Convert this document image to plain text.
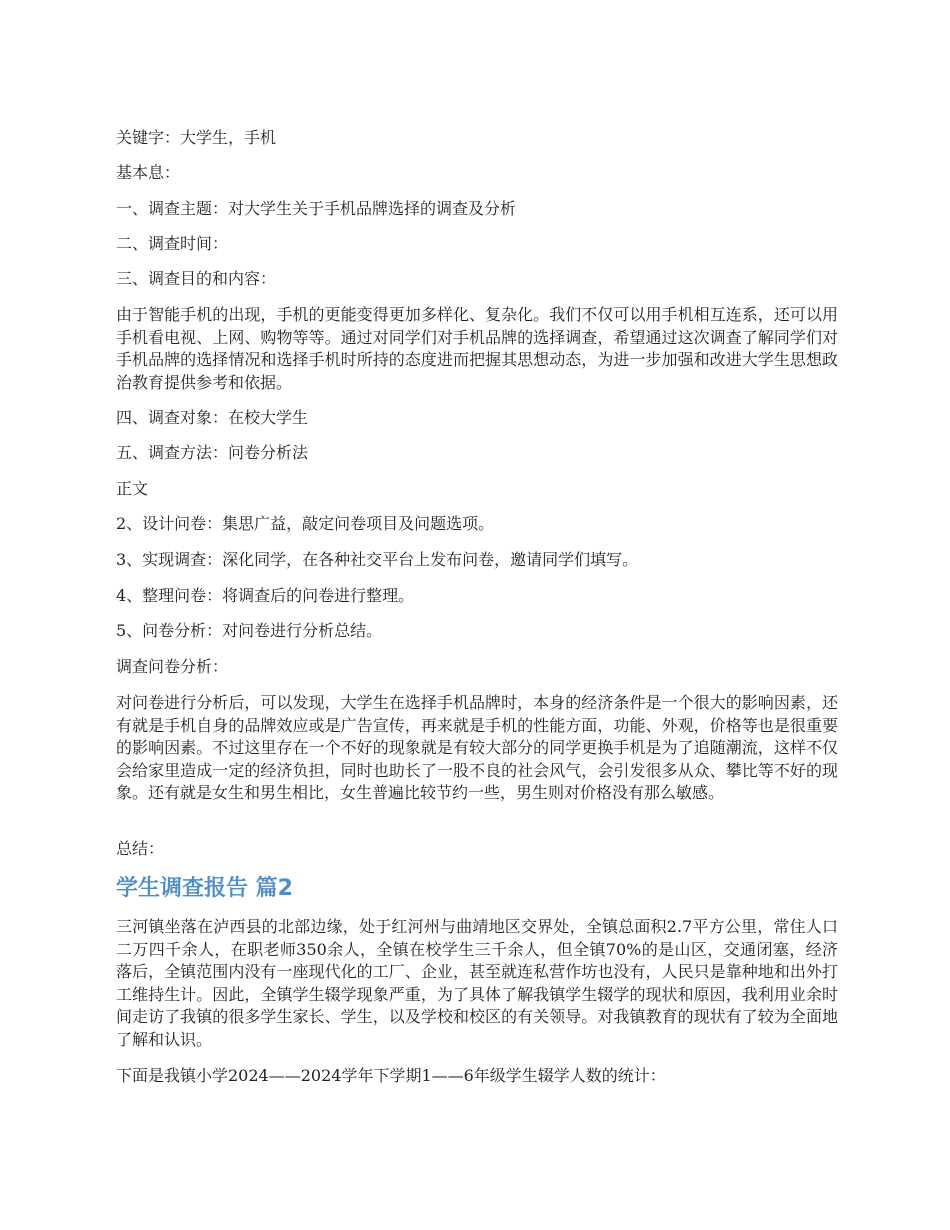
关键字：大学生，手机
基本息：
一、调查主题：对大学生关于手机品牌选择的调查及分析
二、调查时间：
三、调查目的和内容：
由于智能手机的出现，手机的更能变得更加多样化、复杂化。我们不仅可以用手机相互连系，还可以用手机看电视、上网、购物等等。通过对同学们对手机品牌的选择调查，希望通过这次调查了解同学们对手机品牌的选择情况和选择手机时所持的态度进而把握其思想动态，为进一步加强和改进大学生思想政治教育提供参考和依据。
四、调查对象：在校大学生
五、调查方法：问卷分析法
正文
2、设计问卷：集思广益，敲定问卷项目及问题选项。
3、实现调查：深化同学，在各种社交平台上发布问卷，邀请同学们填写。
4、整理问卷：将调查后的问卷进行整理。
5、问卷分析：对问卷进行分析总结。
调查问卷分析：
对问卷进行分析后，可以发现，大学生在选择手机品牌时，本身的经济条件是一个很大的影响因素，还有就是手机自身的品牌效应或是广告宣传，再来就是手机的性能方面，功能、外观，价格等也是很重要的影响因素。不过这里存在一个不好的现象就是有较大部分的同学更换手机是为了追随潮流，这样不仅会给家里造成一定的经济负担，同时也助长了一股不良的社会风气，会引发很多从众、攀比等不好的现象。还有就是女生和男生相比，女生普遍比较节约一些，男生则对价格没有那么敏感。
总结：
学生调查报告 篇2
三河镇坐落在泸西县的北部边缘，处于红河州与曲靖地区交界处，全镇总面积2.7平方公里，常住人口二万四千余人，在职老师350余人，全镇在校学生三千余人，但全镇70%的是山区，交通闭塞，经济落后，全镇范围内没有一座现代化的工厂、企业，甚至就连私营作坊也没有，人民只是靠种地和出外打工维持生计。因此，全镇学生辍学现象严重，为了具体了解我镇学生辍学的现状和原因，我利用业余时间走访了我镇的很多学生家长、学生，以及学校和校区的有关领导。对我镇教育的现状有了较为全面地了解和认识。
下面是我镇小学2024——2024学年下学期1——6年级学生辍学人数的统计：
